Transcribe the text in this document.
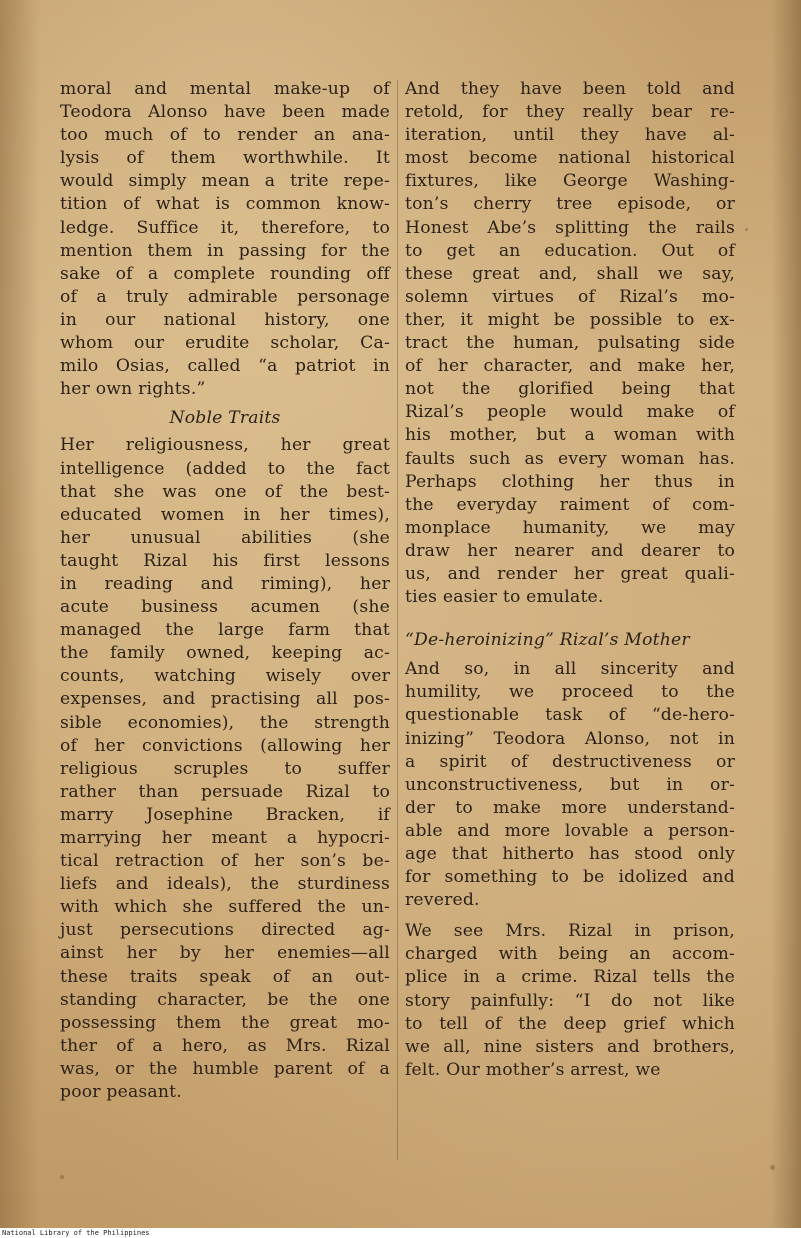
moral and mental make-up of
Teodora Alonso have been made
too much of to render an ana-
lysis of them worthwhile. It
would simply mean a trite repe-
tition of what is common know-
ledge. Suffice it, therefore, to
mention them in passing for the
sake of a complete rounding off
of a truly admirable personage
in our national history, one
whom our erudite scholar, Ca-
milo Osias, called “a patriot in
her own rights.”
Noble Traits
Her religiousness, her great
intelligence (added to the fact
that she was one of the best-
educated women in her times),
her unusual abilities (she
taught Rizal his first lessons
in reading and riming), her
acute business acumen (she
managed the large farm that
the family owned, keeping ac-
counts, watching wisely over
expenses, and practising all pos-
sible economies), the strength
of her convictions (allowing her
religious scruples to suffer
rather than persuade Rizal to
marry Josephine Bracken, if
marrying her meant a hypocri-
tical retraction of her son’s be-
liefs and ideals), the sturdiness
with which she suffered the un-
just persecutions directed ag-
ainst her by her enemies—all
these traits speak of an out-
standing character, be the one
possessing them the great mo-
ther of a hero, as Mrs. Rizal
was, or the humble parent of a
poor peasant.
And they have been told and
retold, for they really bear re-
iteration, until they have al-
most become national historical
fixtures, like George Washing-
ton’s cherry tree episode, or
Honest Abe’s splitting the rails
to get an education. Out of
these great and, shall we say,
solemn virtues of Rizal’s mo-
ther, it might be possible to ex-
tract the human, pulsating side
of her character, and make her,
not the glorified being that
Rizal’s people would make of
his mother, but a woman with
faults such as every woman has.
Perhaps clothing her thus in
the everyday raiment of com-
monplace humanity, we may
draw her nearer and dearer to
us, and render her great quali-
ties easier to emulate.
“De-heroinizing” Rizal’s Mother
And so, in all sincerity and
humility, we proceed to the
questionable task of “de-hero-
inizing” Teodora Alonso, not in
a spirit of destructiveness or
unconstructiveness, but in or-
der to make more understand-
able and more lovable a person-
age that hitherto has stood only
for something to be idolized and
revered.
We see Mrs. Rizal in prison,
charged with being an accom-
plice in a crime. Rizal tells the
story painfully: “I do not like
to tell of the deep grief which
we all, nine sisters and brothers,
felt. Our mother’s arrest, we
National Library of the Philippines
